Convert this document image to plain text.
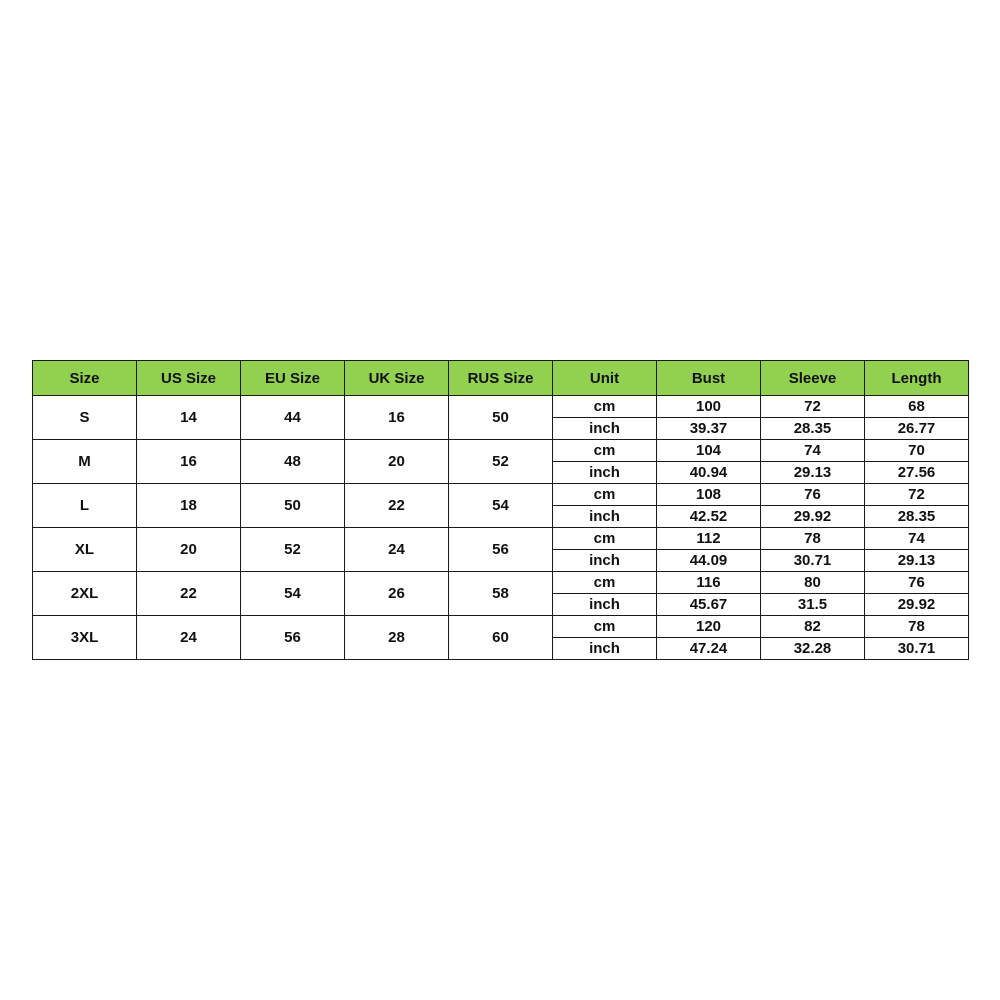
Size	US Size	EU Size	UK Size	RUS Size	Unit	Bust	Sleeve	Length
S	14	44	16	50	cm	100	72	68
					inch	39.37	28.35	26.77
M	16	48	20	52	cm	104	74	70
					inch	40.94	29.13	27.56
L	18	50	22	54	cm	108	76	72
					inch	42.52	29.92	28.35
XL	20	52	24	56	cm	112	78	74
					inch	44.09	30.71	29.13
2XL	22	54	26	58	cm	116	80	76
					inch	45.67	31.5	29.92
3XL	24	56	28	60	cm	120	82	78
					inch	47.24	32.28	30.71
